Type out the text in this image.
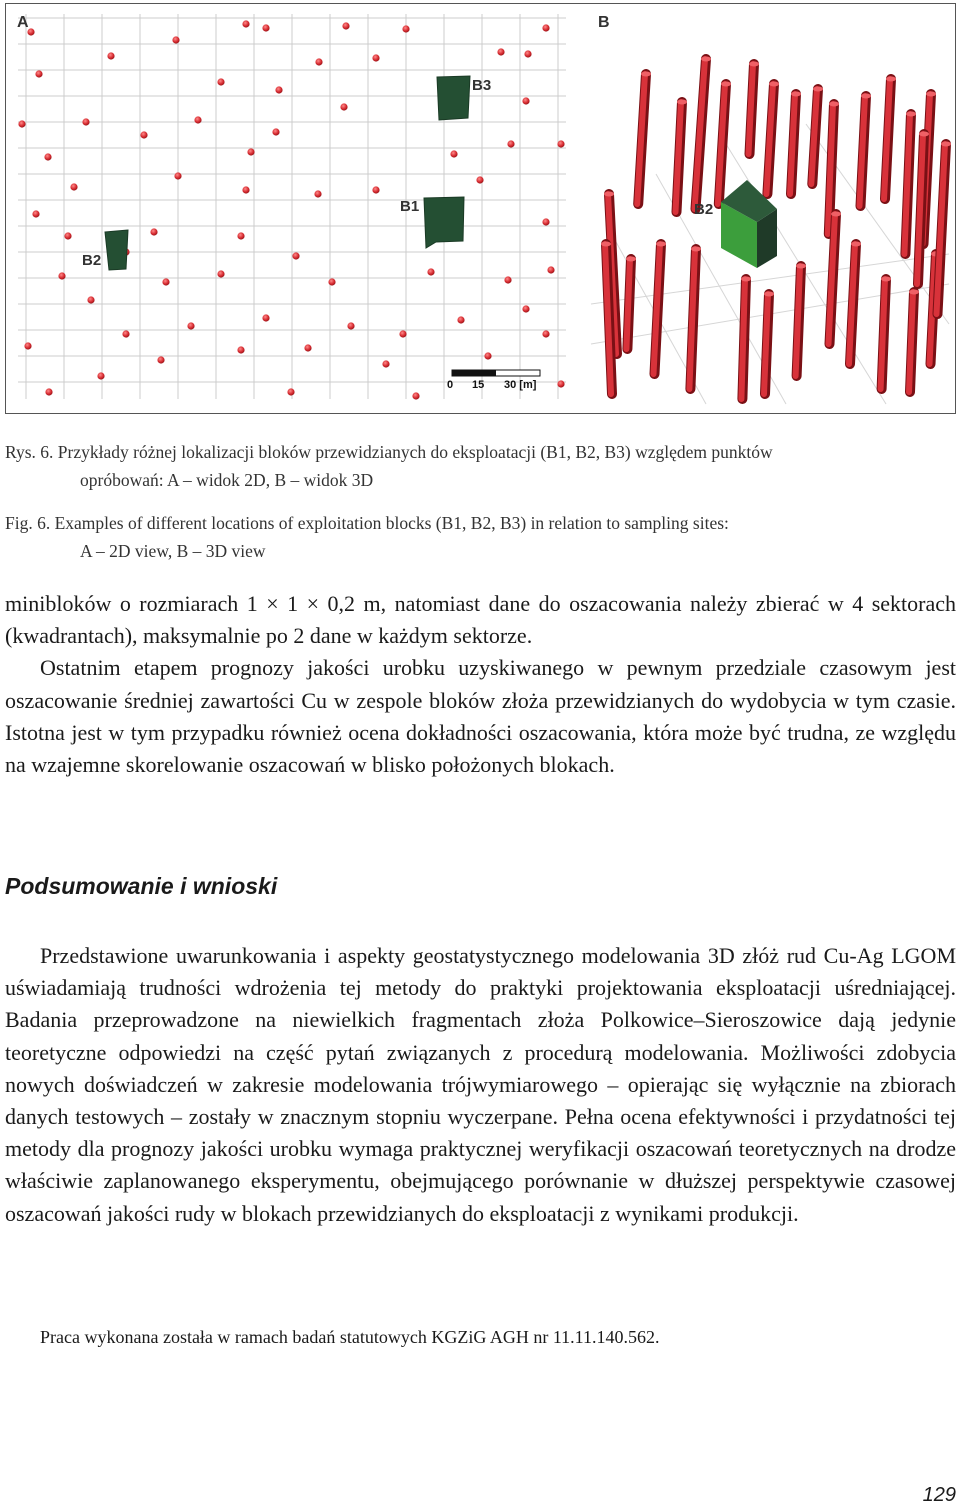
B3
B1
B2
0 15 30 [m]
A
B2
B
Rys. 6. Przykłady różnej lokalizacji bloków przewidzianych do eksploatacji (B1, B2, B3) względem punktów
opróbowań: A – widok 2D, B – widok 3D
Fig. 6. Examples of different locations of exploitation blocks (B1, B2, B3) in relation to sampling sites:
A – 2D view, B – 3D view

minibloków o rozmiarach 1 × 1 × 0,2 m, natomiast dane do oszacowania należy zbierać w 4 sektorach (kwadrantach), maksymalnie po 2 dane w każdym sektorze.

Ostatnim etapem prognozy jakości urobku uzyskiwanego w pewnym przedziale czasowym jest oszacowanie średniej zawartości Cu w zespole bloków złoża przewidzianych do wydobycia w tym czasie. Istotna jest w tym przypadku również ocena dokładności oszacowania, która może być trudna, ze względu na wzajemne skorelowanie oszacowań w blisko położonych blokach.

Podsumowanie i wnioski

Przedstawione uwarunkowania i aspekty geostatystycznego modelowania 3D złóż rud Cu-Ag LGOM uświadamiają trudności wdrożenia tej metody do praktyki projektowania eksploatacji uśredniającej. Badania przeprowadzone na niewielkich fragmentach złoża Polkowice–Sieroszowice dają jedynie teoretyczne odpowiedzi na część pytań związanych z procedurą modelowania. Możliwości zdobycia nowych doświadczeń w zakresie modelowania trójwymiarowego – opierając się wyłącznie na zbiorach danych testowych – zostały w znacznym stopniu wyczerpane. Pełna ocena efektywności i przydatności tej metody dla prognozy jakości urobku wymaga praktycznej weryfikacji oszacowań teoretycznych na drodze właściwie zaplanowanego eksperymentu, obejmującego porównanie w dłuższej perspektywie czasowej oszacowań jakości rudy w blokach przewidzianych do eksploatacji z wynikami produkcji.

Praca wykonana została w ramach badań statutowych KGZiG AGH nr 11.11.140.562.
129
